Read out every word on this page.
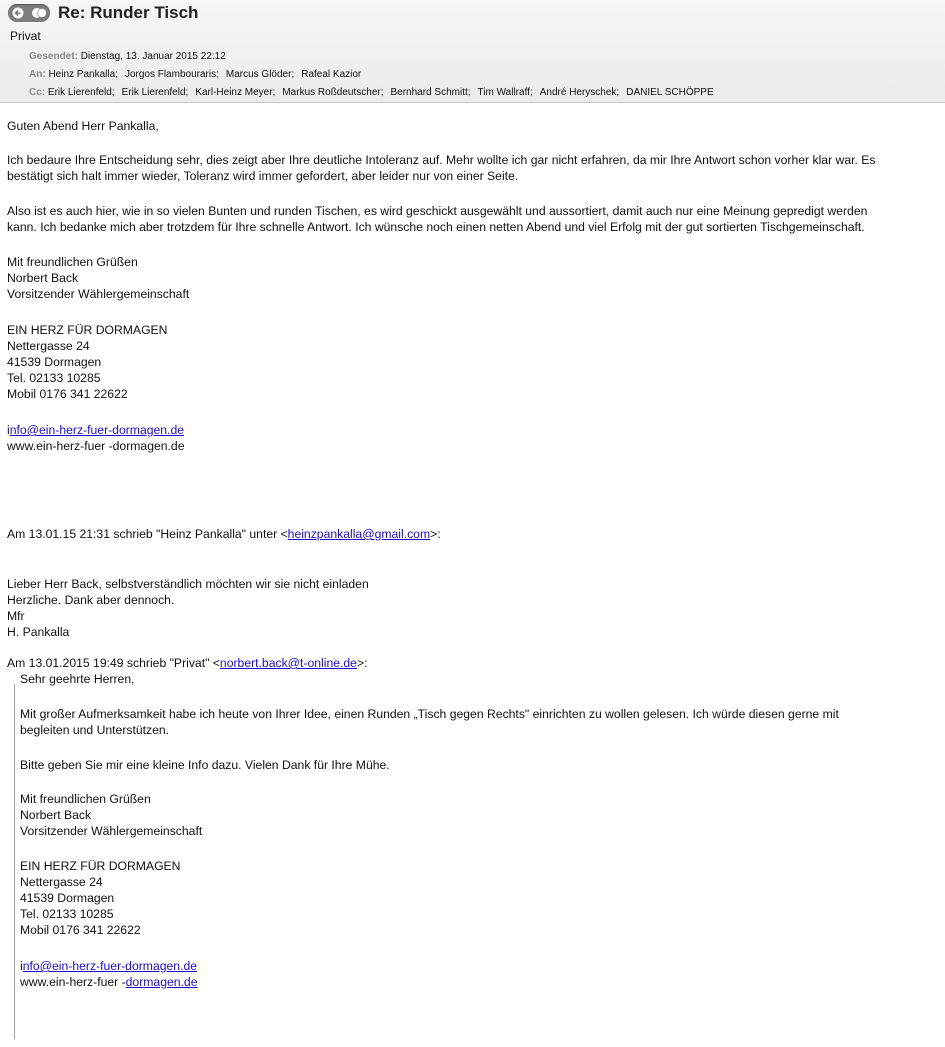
Re: Runder Tisch
Privat
Gesendet: Dienstag, 13. Januar 2015 22:12
An: Heinz Pankalla; Jorgos Flambouraris; Marcus Glöder; Rafeal Kazior
Cc: Erik Lierenfeld; Erik Lierenfeld; Karl-Heinz Meyer; Markus Roßdeutscher; Bernhard Schmitt; Tim Wallraff; André Heryschek; DANIEL SCHÖPPE
Guten Abend Herr Pankalla,
Ich bedaure Ihre Entscheidung sehr, dies zeigt aber Ihre deutliche Intoleranz auf. Mehr wollte ich gar nicht erfahren, da mir Ihre Antwort schon vorher klar war. Es
bestätigt sich halt immer wieder, Toleranz wird immer gefordert, aber leider nur von einer Seite.
Also ist es auch hier, wie in so vielen Bunten und runden Tischen, es wird geschickt ausgewählt und aussortiert, damit auch nur eine Meinung gepredigt werden
kann. Ich bedanke mich aber trotzdem für Ihre schnelle Antwort. Ich wünsche noch einen netten Abend und viel Erfolg mit der gut sortierten Tischgemeinschaft.
Mit freundlichen Grüßen
Norbert Back
Vorsitzender Wählergemeinschaft
EIN HERZ FÜR DORMAGEN
Nettergasse 24
41539 Dormagen
Tel. 02133 10285
Mobil 0176 341 22622
info@ein-herz-fuer-dormagen.de
www.ein-herz-fuer -dormagen.de
Am 13.01.15 21:31 schrieb "Heinz Pankalla" unter <heinzpankalla@gmail.com>:
Lieber Herr Back, selbstverständlich möchten wir sie nicht einladen
Herzliche. Dank aber dennoch.
Mfr
H. Pankalla
Am 13.01.2015 19:49 schrieb "Privat" <norbert.back@t-online.de>:
Sehr geehrte Herren,
Mit großer Aufmerksamkeit habe ich heute von Ihrer Idee, einen Runden „Tisch gegen Rechts" einrichten zu wollen gelesen. Ich würde diesen gerne mit
begleiten und Unterstützen.
Bitte geben Sie mir eine kleine Info dazu. Vielen Dank für Ihre Mühe.
Mit freundlichen Grüßen
Norbert Back
Vorsitzender Wählergemeinschaft
EIN HERZ FÜR DORMAGEN
Nettergasse 24
41539 Dormagen
Tel. 02133 10285
Mobil 0176 341 22622
info@ein-herz-fuer-dormagen.de
www.ein-herz-fuer -dormagen.de
